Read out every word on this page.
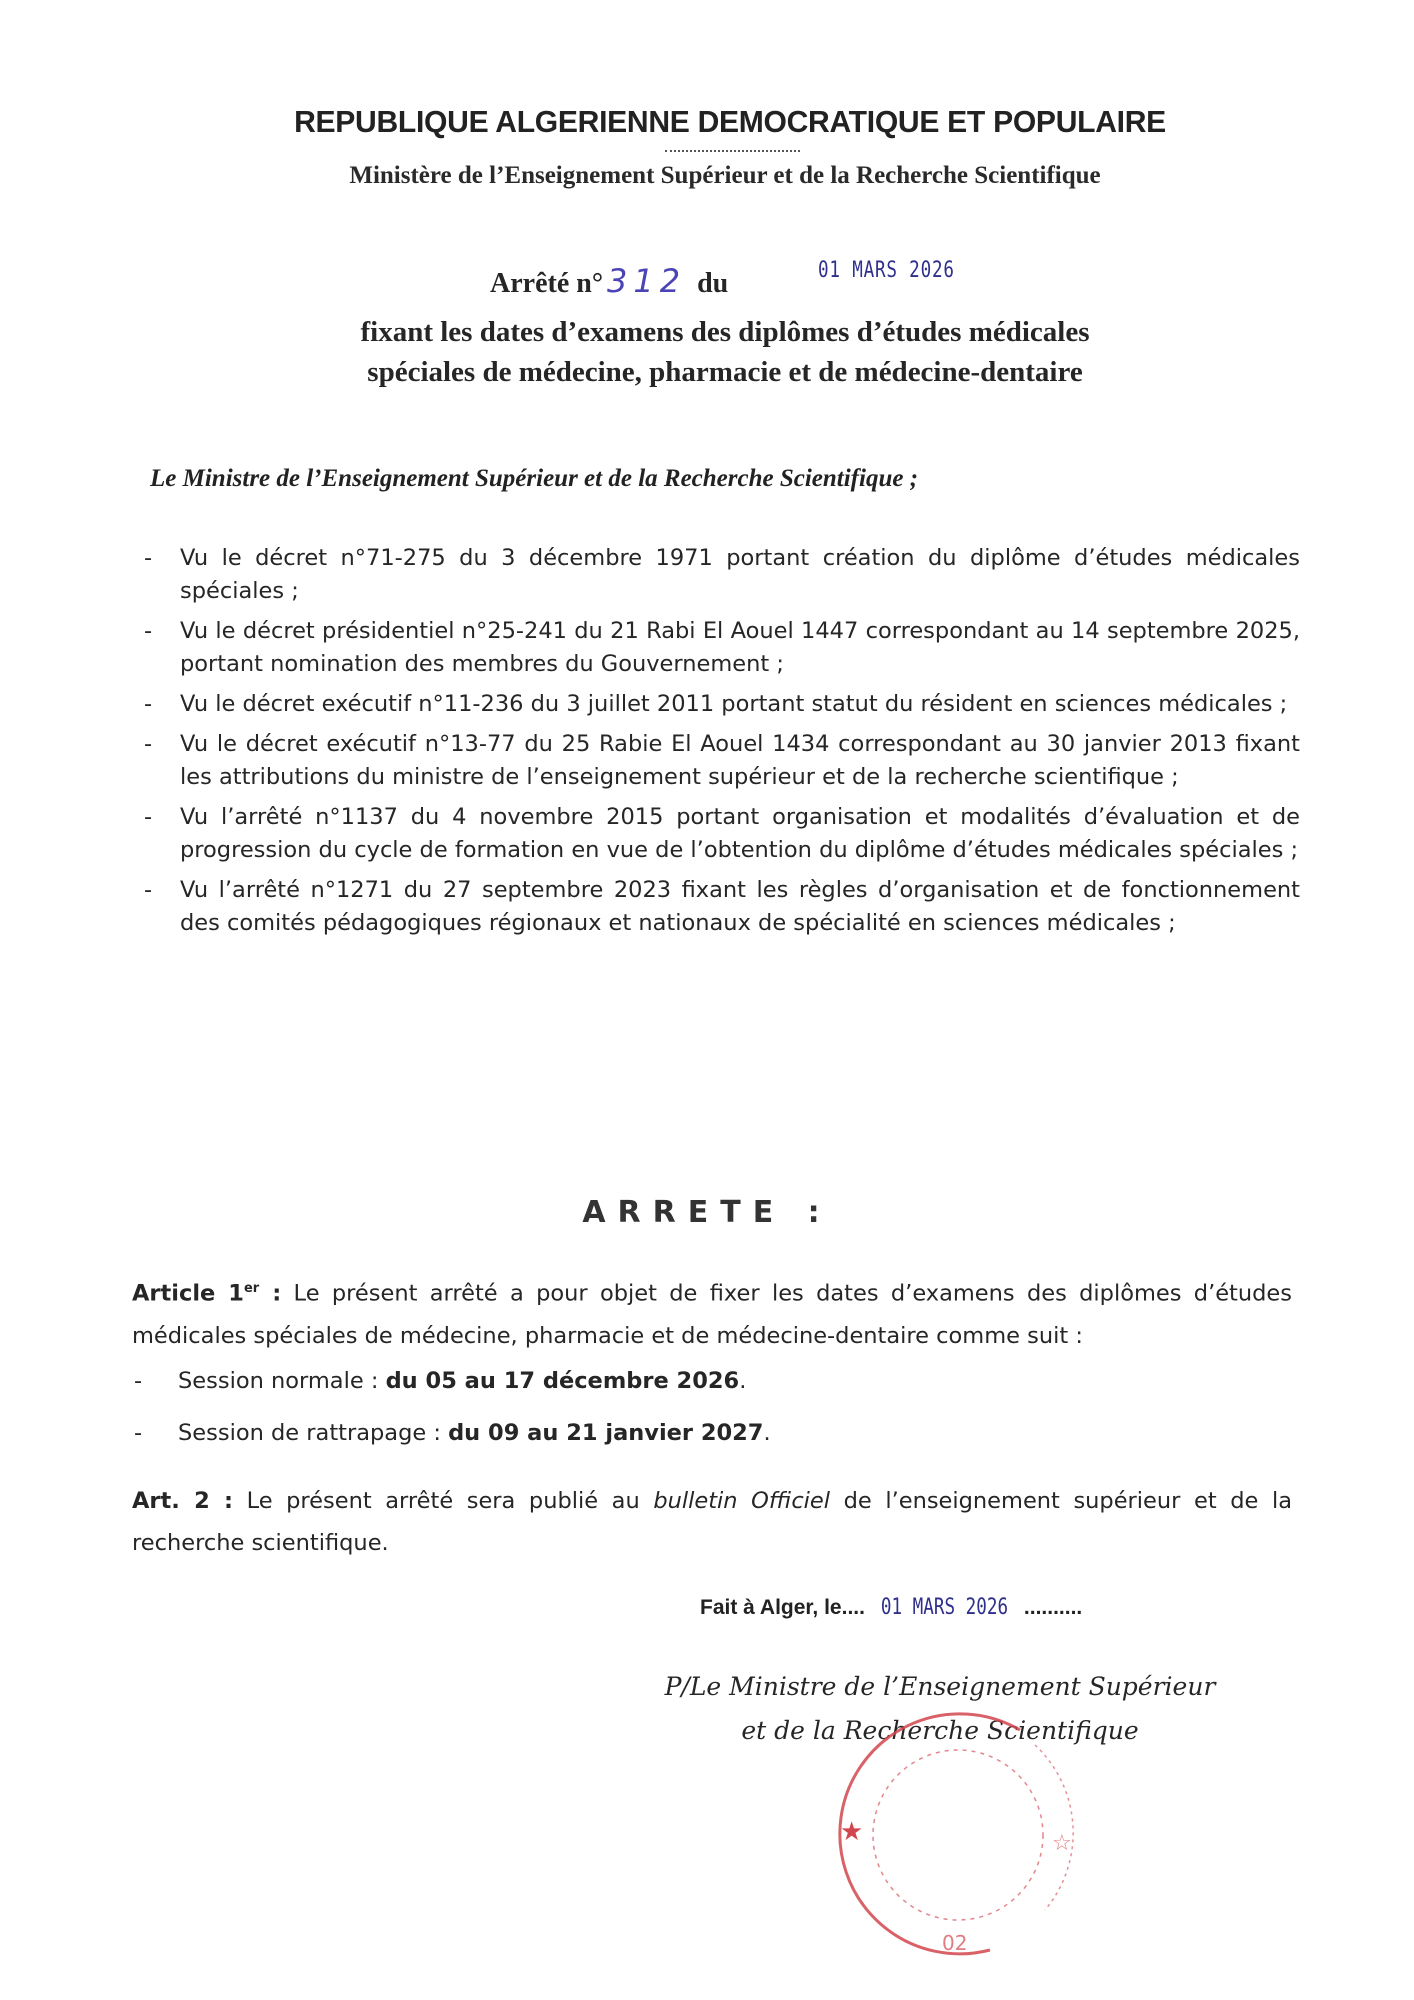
REPUBLIQUE ALGERIENNE DEMOCRATIQUE ET POPULAIRE
Ministère de l’Enseignement Supérieur et de la Recherche Scientifique
Arrêté n° 312 du	01 MARS 2026
fixant les dates d’examens des diplômes d’études médicales
spéciales de médecine, pharmacie et de médecine-dentaire
Le Ministre de l’Enseignement Supérieur et de la Recherche Scientifique ;
- Vu le décret n°71-275 du 3 décembre 1971 portant création du diplôme d’études médicales spéciales ;
- Vu le décret présidentiel n°25-241 du 21 Rabi El Aouel 1447 correspondant au 14 septembre 2025, portant nomination des membres du Gouvernement ;
- Vu le décret exécutif n°11-236 du 3 juillet 2011 portant statut du résident en sciences médicales ;
- Vu le décret exécutif n°13-77 du 25 Rabie El Aouel 1434 correspondant au 30 janvier 2013 fixant les attributions du ministre de l’enseignement supérieur et de la recherche scientifique ;
- Vu l’arrêté n°1137 du 4 novembre 2015 portant organisation et modalités d’évaluation et de progression du cycle de formation en vue de l’obtention du diplôme d’études médicales spéciales ;
- Vu l’arrêté n°1271 du 27 septembre 2023 fixant les règles d’organisation et de fonctionnement des comités pédagogiques régionaux et nationaux de spécialité en sciences médicales ;
ARRETE :
Article 1er : Le présent arrêté a pour objet de fixer les dates d’examens des diplômes d’études médicales spéciales de médecine, pharmacie et de médecine-dentaire comme suit :
- Session normale : du 05 au 17 décembre 2026.
- Session de rattrapage : du 09 au 21 janvier 2027.
Art. 2 : Le présent arrêté sera publié au bulletin Officiel de l’enseignement supérieur et de la recherche scientifique.
Fait à Alger, le.... 01 MARS 2026 ..........
P/Le Ministre de l’Enseignement Supérieur
et de la Recherche Scientifique
★	☆
02
